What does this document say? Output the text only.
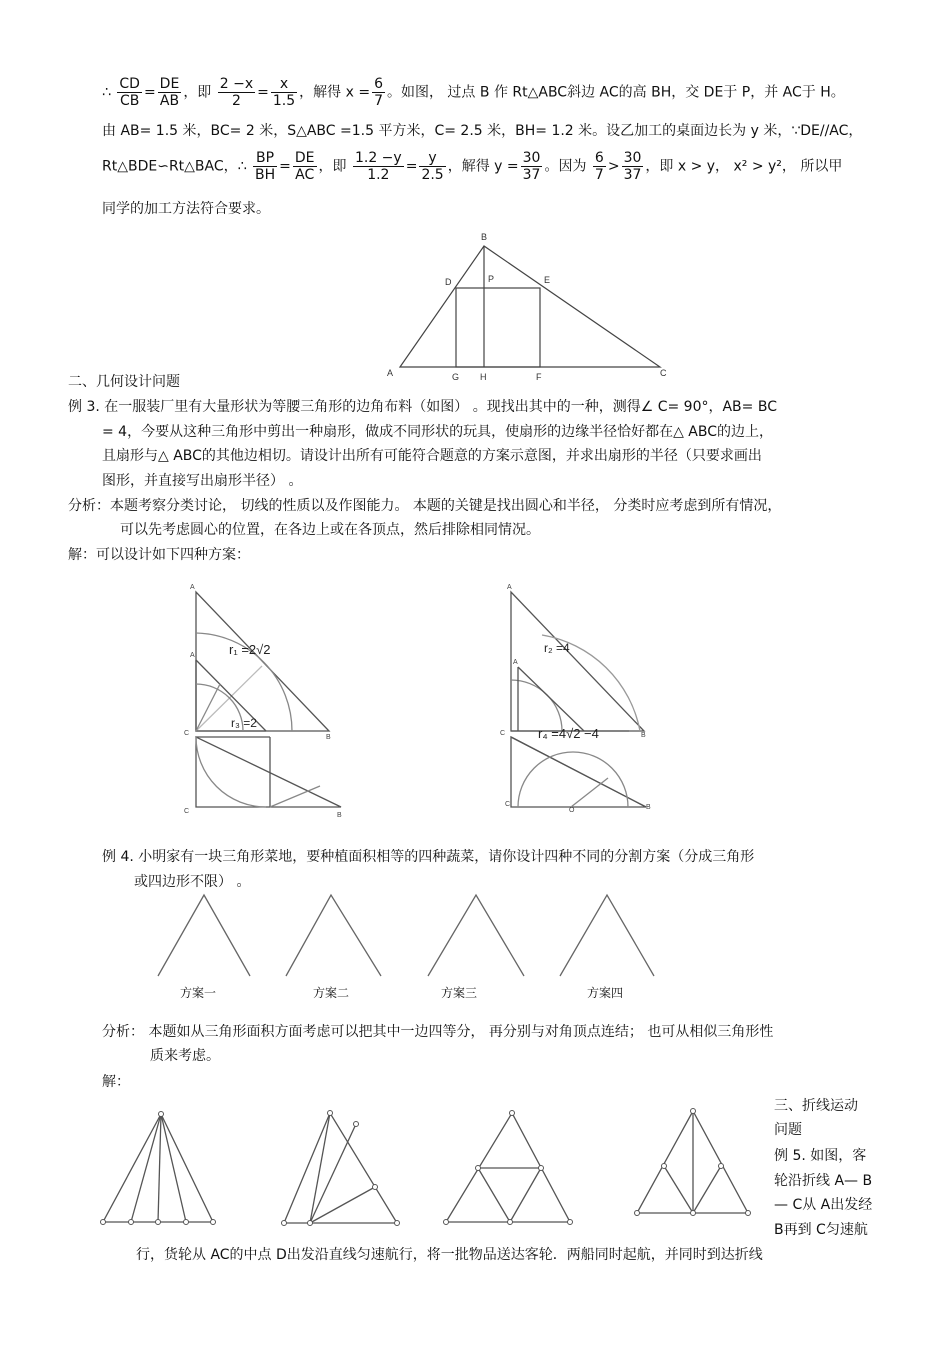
∴ $\frac{CD}{CB} = \frac{DE}{AB}$ ，即 $\frac{2 -x}{2} = \frac{x}{1.5}$ ，解得 $x = \frac{6}{7}$ 。如图， 过点 B 作 Rt△ABC斜边 AC的高 BH，交 DE于 P，并 AC于 H。
由 AB= 1.5 米，BC= 2 米，S△ABC =1.5 平方米，C= 2.5 米，BH= 1.2 米。设乙加工的桌面边长为 y 米，∵DE//AC，
Rt△BDE∽Rt△BAC，∴ $\frac{BP}{BH} = \frac{DE}{AC}$ ，即 $\frac{1.2 -y}{1.2} = \frac{y}{2.5}$ ，解得 $y = \frac{30}{37}$ 。因为 $\frac{6}{7} > \frac{30}{37}$ ，即 x > y， x² > y²， 所以甲
同学的加工方法符合要求。
B
D	P	E
A	G H	F	C
二、几何设计问题
例 3. 在一服装厂里有大量形状为等腰三角形的边角布料（如图） 。现找出其中的一种，测得∠ C= 90°，AB= BC
= 4，今要从这种三角形中剪出一种扇形，做成不同形状的玩具，使扇形的边缘半径恰好都在△ ABC的边上，
且扇形与△ ABC的其他边相切。请设计出所有可能符合题意的方案示意图，并求出扇形的半径（只要求画出
图形，并直接写出扇形半径） 。
分析：本题考察分类讨论， 切线的性质以及作图能力。 本题的关键是找出圆心和半径， 分类时应考虑到所有情况，
可以先考虑圆心的位置，在各边上或在各顶点，然后排除相同情况。
解：可以设计如下四种方案：
r₁ =2√2	r₂ =4
r₃ =2
r₄ =4√2 −4
A
A
C
B
C
B
A
A
C	B
C
O	B
例 4. 小明家有一块三角形菜地，要种植面积相等的四种蔬菜，请你设计四种不同的分割方案（分成三角形
或四边形不限） 。
方案一	方案二	方案三	方案四
分析： 本题如从三角形面积方面考虑可以把其中一边四等分， 再分别与对角顶点连结； 也可从相似三角形性
质来考虑。
解：
三、折线运动
问题
例 5. 如图，客
轮沿折线 A— B
— C从 A出发经
B再到 C匀速航
行，货轮从 AC的中点 D出发沿直线匀速航行，将一批物品送达客轮．两船同时起航，并同时到达折线
